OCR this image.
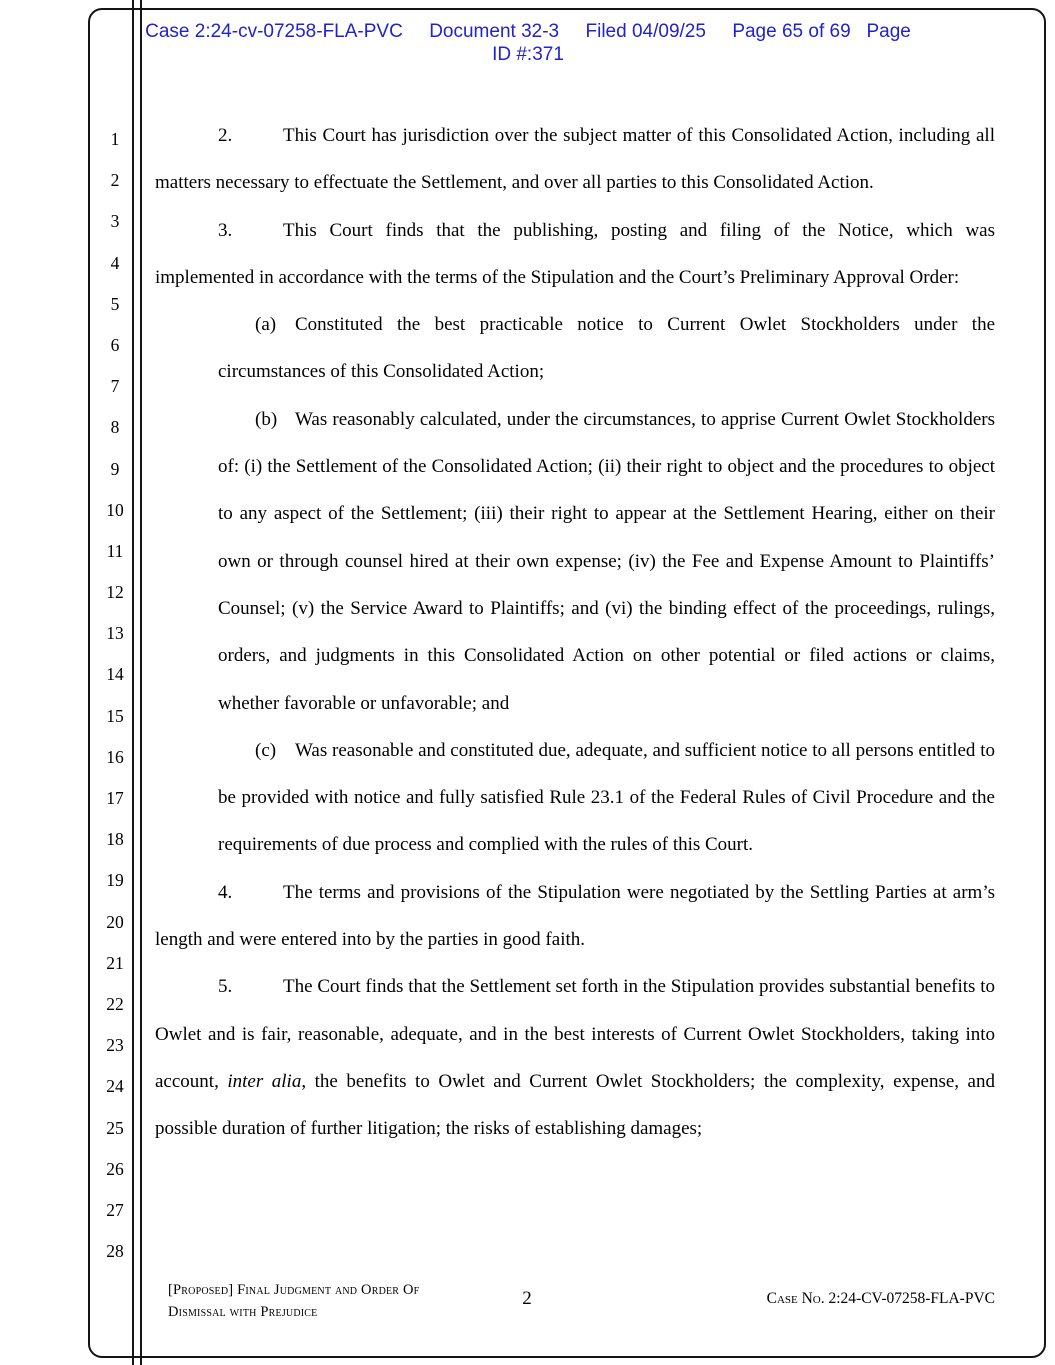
Case 2:24-cv-07258-FLA-PVC     Document 32-3     Filed 04/09/25     Page 65 of 69   Page
ID #:371
1
2
3
4
5
6
7
8
9
10
11
12
13
14
15
16
17
18
19
20
21
22
23
24
25
26
27
28

2.	This Court has jurisdiction over the subject matter of this Consolidated Action, including all matters necessary to effectuate the Settlement, and over all parties to this Consolidated Action.

3.	This Court finds that the publishing, posting and filing of the Notice, which was implemented in accordance with the terms of the Stipulation and the Court’s Preliminary Approval Order:

(a) Constituted the best practicable notice to Current Owlet Stockholders under the circumstances of this Consolidated Action;

(b) Was reasonably calculated, under the circumstances, to apprise Current Owlet Stockholders of: (i) the Settlement of the Consolidated Action; (ii) their right to object and the procedures to object to any aspect of the Settlement; (iii) their right to appear at the Settlement Hearing, either on their own or through counsel hired at their own expense; (iv) the Fee and Expense Amount to Plaintiffs’ Counsel; (v) the Service Award to Plaintiffs; and (vi) the binding effect of the proceedings, rulings, orders, and judgments in this Consolidated Action on other potential or filed actions or claims, whether favorable or unfavorable; and

(c) Was reasonable and constituted due, adequate, and sufficient notice to all persons entitled to be provided with notice and fully satisfied Rule 23.1 of the Federal Rules of Civil Procedure and the requirements of due process and complied with the rules of this Court.

4.	The terms and provisions of the Stipulation were negotiated by the Settling Parties at arm’s length and were entered into by the parties in good faith.

5.	The Court finds that the Settlement set forth in the Stipulation provides substantial benefits to Owlet and is fair, reasonable, adequate, and in the best interests of Current Owlet Stockholders, taking into account, inter alia, the benefits to Owlet and Current Owlet Stockholders; the complexity, expense, and possible duration of further litigation; the risks of establishing damages;

[Proposed] Final Judgment and Order Of
Dismissal with Prejudice
2	Case No. 2:24-CV-07258-FLA-PVC
